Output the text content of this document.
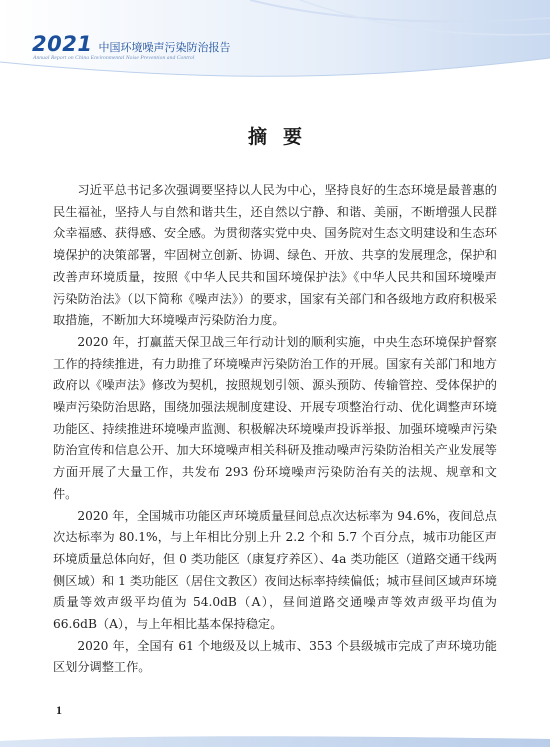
2021 中国环境噪声污染防治报告
Annual Report on China Environmental Noise Prevention and Control
摘要

习近平总书记多次强调要坚持以人民为中心，坚持良好的生态环境是最普惠的民生福祉，坚持人与自然和谐共生，还自然以宁静、和谐、美丽，不断增强人民群众幸福感、获得感、安全感。为贯彻落实党中央、国务院对生态文明建设和生态环境保护的决策部署，牢固树立创新、协调、绿色、开放、共享的发展理念，保护和改善声环境质量，按照《中华人民共和国环境保护法》《中华人民共和国环境噪声污染防治法》（以下简称《噪声法》）的要求，国家有关部门和各级地方政府积极采取措施，不断加大环境噪声污染防治力度。

2020 年，打赢蓝天保卫战三年行动计划的顺利实施，中央生态环境保护督察工作的持续推进，有力助推了环境噪声污染防治工作的开展。国家有关部门和地方政府以《噪声法》修改为契机，按照规划引领、源头预防、传输管控、受体保护的噪声污染防治思路，围绕加强法规制度建设、开展专项整治行动、优化调整声环境功能区、持续推进环境噪声监测、积极解决环境噪声投诉举报、加强环境噪声污染防治宣传和信息公开、加大环境噪声相关科研及推动噪声污染防治相关产业发展等方面开展了大量工作，共发布 293 份环境噪声污染防治有关的法规、规章和文件。

2020 年，全国城市功能区声环境质量昼间总点次达标率为 94.6%，夜间总点次达标率为 80.1%，与上年相比分别上升 2.2 个和 5.7 个百分点，城市功能区声环境质量总体向好，但 0 类功能区（康复疗养区）、4a 类功能区（道路交通干线两侧区域）和 1 类功能区（居住文教区）夜间达标率持续偏低；城市昼间区域声环境质量等效声级平均值为 54.0dB（A），昼间道路交通噪声等效声级平均值为 66.6dB（A），与上年相比基本保持稳定。

2020 年，全国有 61 个地级及以上城市、353 个县级城市完成了声环境功能区划分调整工作。

1
